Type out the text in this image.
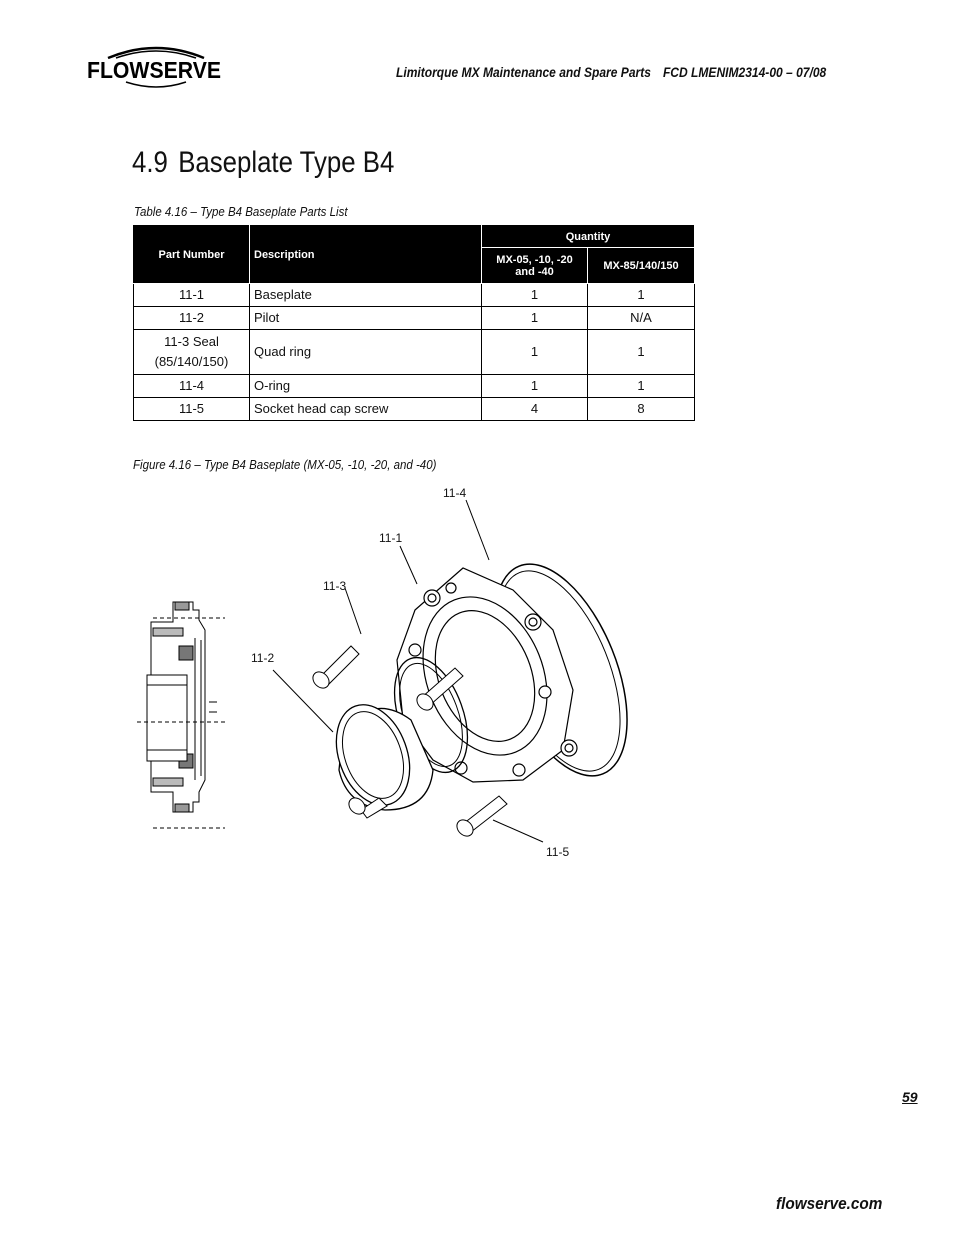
FLOWSERVE	Limitorque MX Maintenance and Spare Parts FCD LMENIM2314-00 – 07/08
4.9 Baseplate Type B4
Table 4.16 – Type B4 Baseplate Parts List
Part Number	Description	Quantity	
		MX-05, -10, -20 and -40	MX-85/140/150
11-1	Baseplate	1	1
11-2	Pilot	1	N/A
11-3 Seal (85/140/150)	Quad ring	1	1
11-4	O-ring	1	1
11-5	Socket head cap screw	4	8
Figure 4.16 – Type B4 Baseplate (MX-05, -10, -20, and -40)
11-4
11-1
11-3
11-2
11-5
59
flowserve.com
